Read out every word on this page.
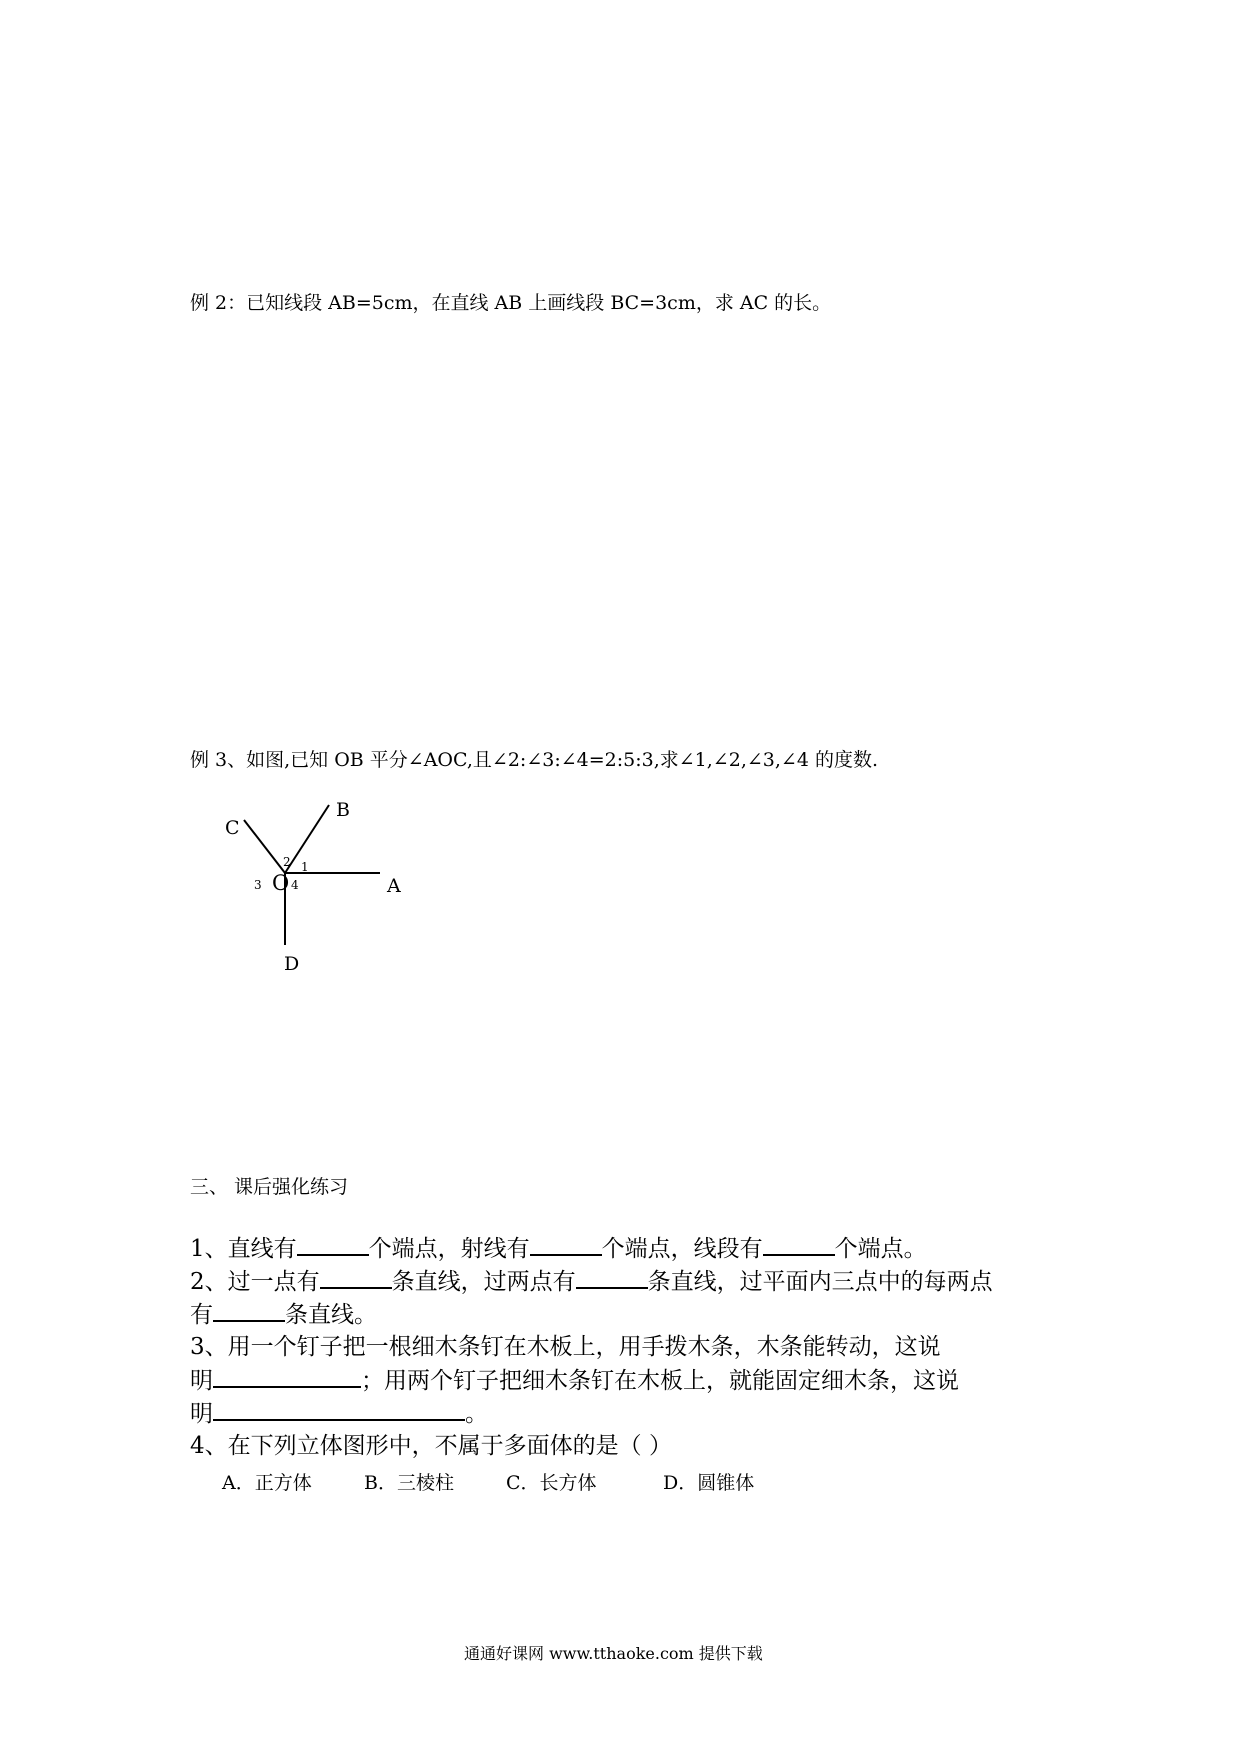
例 2：已知线段 AB=5cm，在直线 AB 上画线段 BC=3cm，求 AC 的长。
例 3、如图,已知 OB 平分∠AOC,且∠2:∠3:∠4=2:5:3,求∠1,∠2,∠3,∠4 的度数.
B
C
A
D
O
1
2
3 4
三、 课后强化练习
1、直线有	个端点，射线有	个端点，线段有	个端点。
2、过一点有	条直线，过两点有	条直线，过平面内三点中的每两点
有	条直线。
3、用一个钉子把一根细木条钉在木板上，用手拨木条，木条能转动，这说
明	；用两个钉子把细木条钉在木板上，就能固定细木条，这说
明	。
4、在下列立体图形中，不属于多面体的是（ ）
A．正方体	B．三棱柱	C．长方体	D．圆锥体
通通好课网 www.tthaoke.com 提供下载
